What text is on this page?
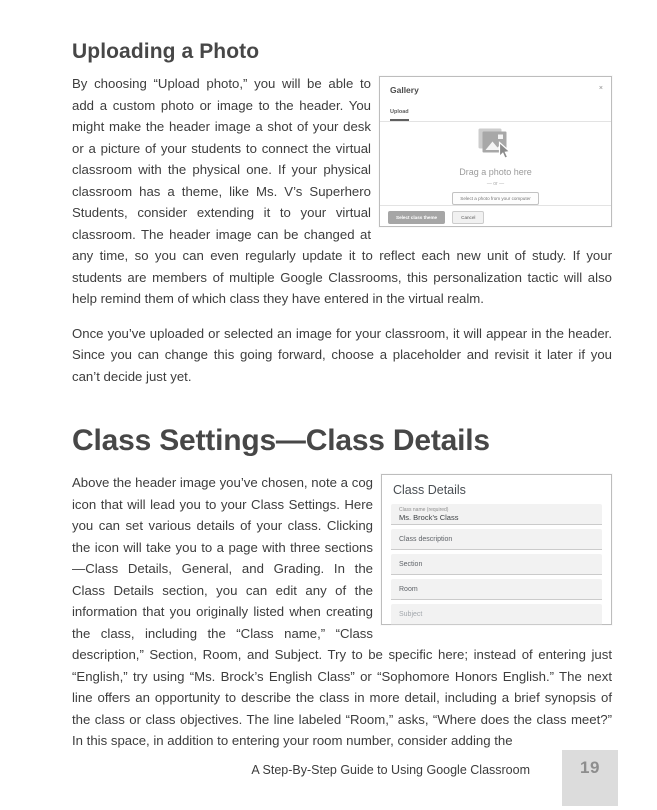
Uploading a Photo
Gallery	×
Upload
Drag a photo here
— or —
Select a photo from your computer
Select class theme	Cancel

By choosing “Upload photo,” you will be able to add a custom photo or image to the header. You might make the header image a shot of your desk or a picture of your students to connect the virtual classroom with the physical one. If your physical classroom has a theme, like Ms. V’s Superhero Students, consider extending it to your virtual classroom. The header image can be changed at any time, so you can even regularly update it to reflect each new unit of study. If your students are members of multiple Google Classrooms, this personalization tactic will also help remind them of which class they have entered in the virtual realm.

Once you’ve uploaded or selected an image for your classroom, it will appear in the header. Since you can change this going forward, choose a placeholder and revisit it later if you can’t decide just yet.

Class Settings—Class Details
Class Details
Class name (required)
Ms. Brock’s Class
Class description
Section
Room
Subject

Above the header image you’ve chosen, note a cog icon that will lead you to your Class Settings. Here you can set various details of your class. Clicking the icon will take you to a page with three sections—Class Details, General, and Grading. In the Class Details section, you can edit any of the information that you originally listed when creating the class, including the “Class name,” “Class description,” Section, Room, and Subject. Try to be specific here; instead of entering just “English,” try using “Ms. Brock’s English Class” or “Sophomore Honors English.” The next line offers an opportunity to describe the class in more detail, including a brief synopsis of the class or class objectives. The line labeled “Room,” asks, “Where does the class meet?” In this space, in addition to entering your room number, consider adding the

A Step-By-Step Guide to Using Google Classroom	19
